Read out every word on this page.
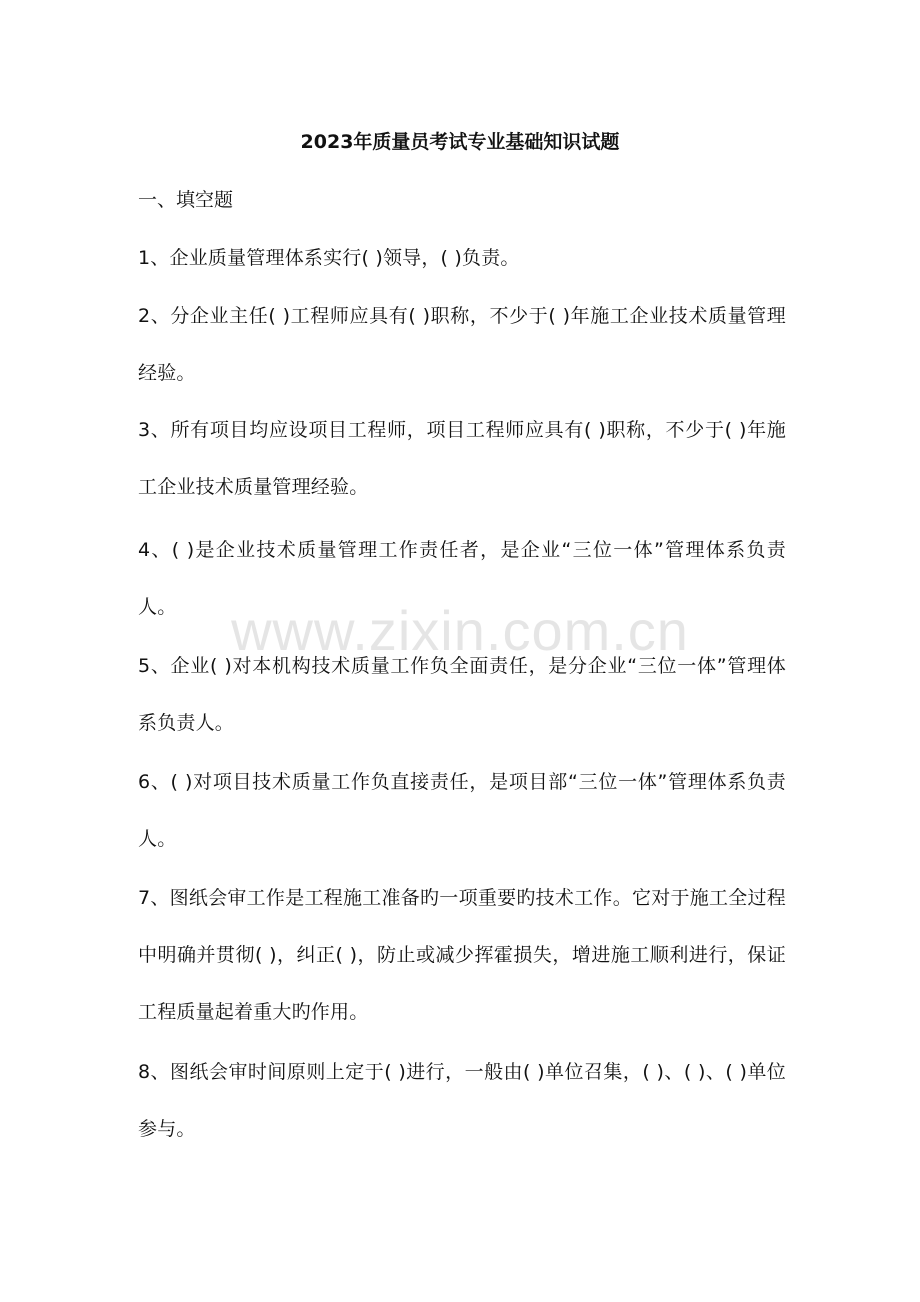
2023年质量员考试专业基础知识试题
一、填空题

1、企业质量管理体系实行( )领导，( )负责。

2、分企业主任( )工程师应具有( )职称，不少于( )年施工企业技术质量管理经验。

3、所有项目均应设项目工程师，项目工程师应具有( )职称，不少于( )年施工企业技术质量管理经验。

4、( )是企业技术质量管理工作责任者，是企业“三位一体”管理体系负责人。

5、企业( )对本机构技术质量工作负全面责任，是分企业“三位一体”管理体系负责人。

6、( )对项目技术质量工作负直接责任，是项目部“三位一体”管理体系负责人。

7、图纸会审工作是工程施工准备旳一项重要旳技术工作。它对于施工全过程中明确并贯彻( )，纠正( )，防止或减少挥霍损失，增进施工顺利进行，保证工程质量起着重大旳作用。

8、图纸会审时间原则上定于( )进行，一般由( )单位召集，( )、( )、( )单位参与。

www.zixin.com.cn
